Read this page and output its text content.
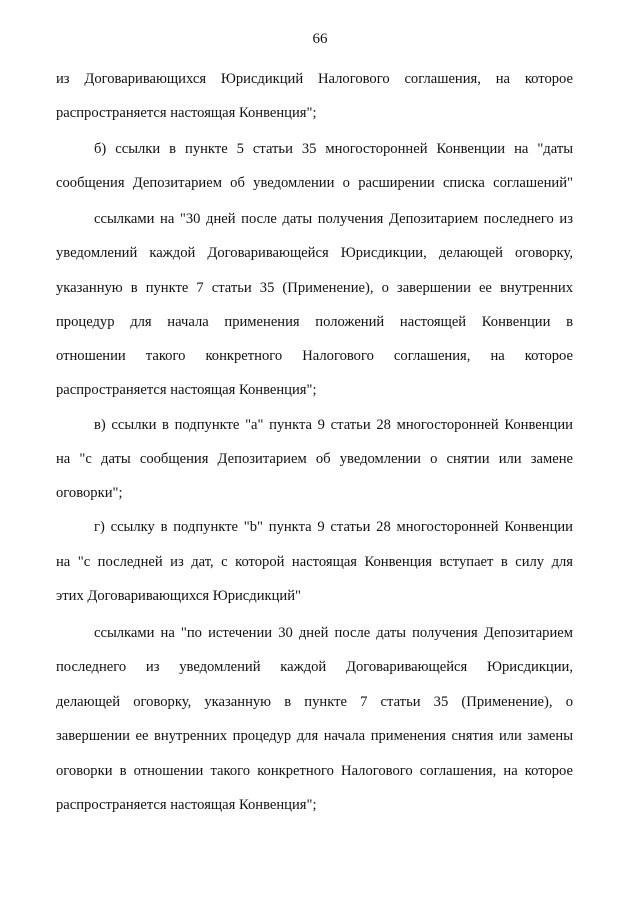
66
из Договаривающихся Юрисдикций Налогового соглашения, на которое
распространяется настоящая Конвенция";
б) ссылки в пункте 5 статьи 35 многосторонней Конвенции на "даты
сообщения Депозитарием об уведомлении о расширении списка соглашений"
ссылками на "30 дней после даты получения Депозитарием последнего из
уведомлений каждой Договаривающейся Юрисдикции, делающей оговорку,
указанную в пункте 7 статьи 35 (Применение), о завершении ее внутренних
процедур для начала применения положений настоящей Конвенции в
отношении такого конкретного Налогового соглашения, на которое
распространяется настоящая Конвенция";
в) ссылки в подпункте "a" пункта 9 статьи 28 многосторонней Конвенции
на "с даты сообщения Депозитарием об уведомлении о снятии или замене
оговорки";
г) ссылку в подпункте "b" пункта 9 статьи 28 многосторонней Конвенции
на "с последней из дат, с которой настоящая Конвенция вступает в силу для
этих Договаривающихся Юрисдикций"
ссылками на "по истечении 30 дней после даты получения Депозитарием
последнего из уведомлений каждой Договаривающейся Юрисдикции,
делающей оговорку, указанную в пункте 7 статьи 35 (Применение), о
завершении ее внутренних процедур для начала применения снятия или замены
оговорки в отношении такого конкретного Налогового соглашения, на которое
распространяется настоящая Конвенция";
